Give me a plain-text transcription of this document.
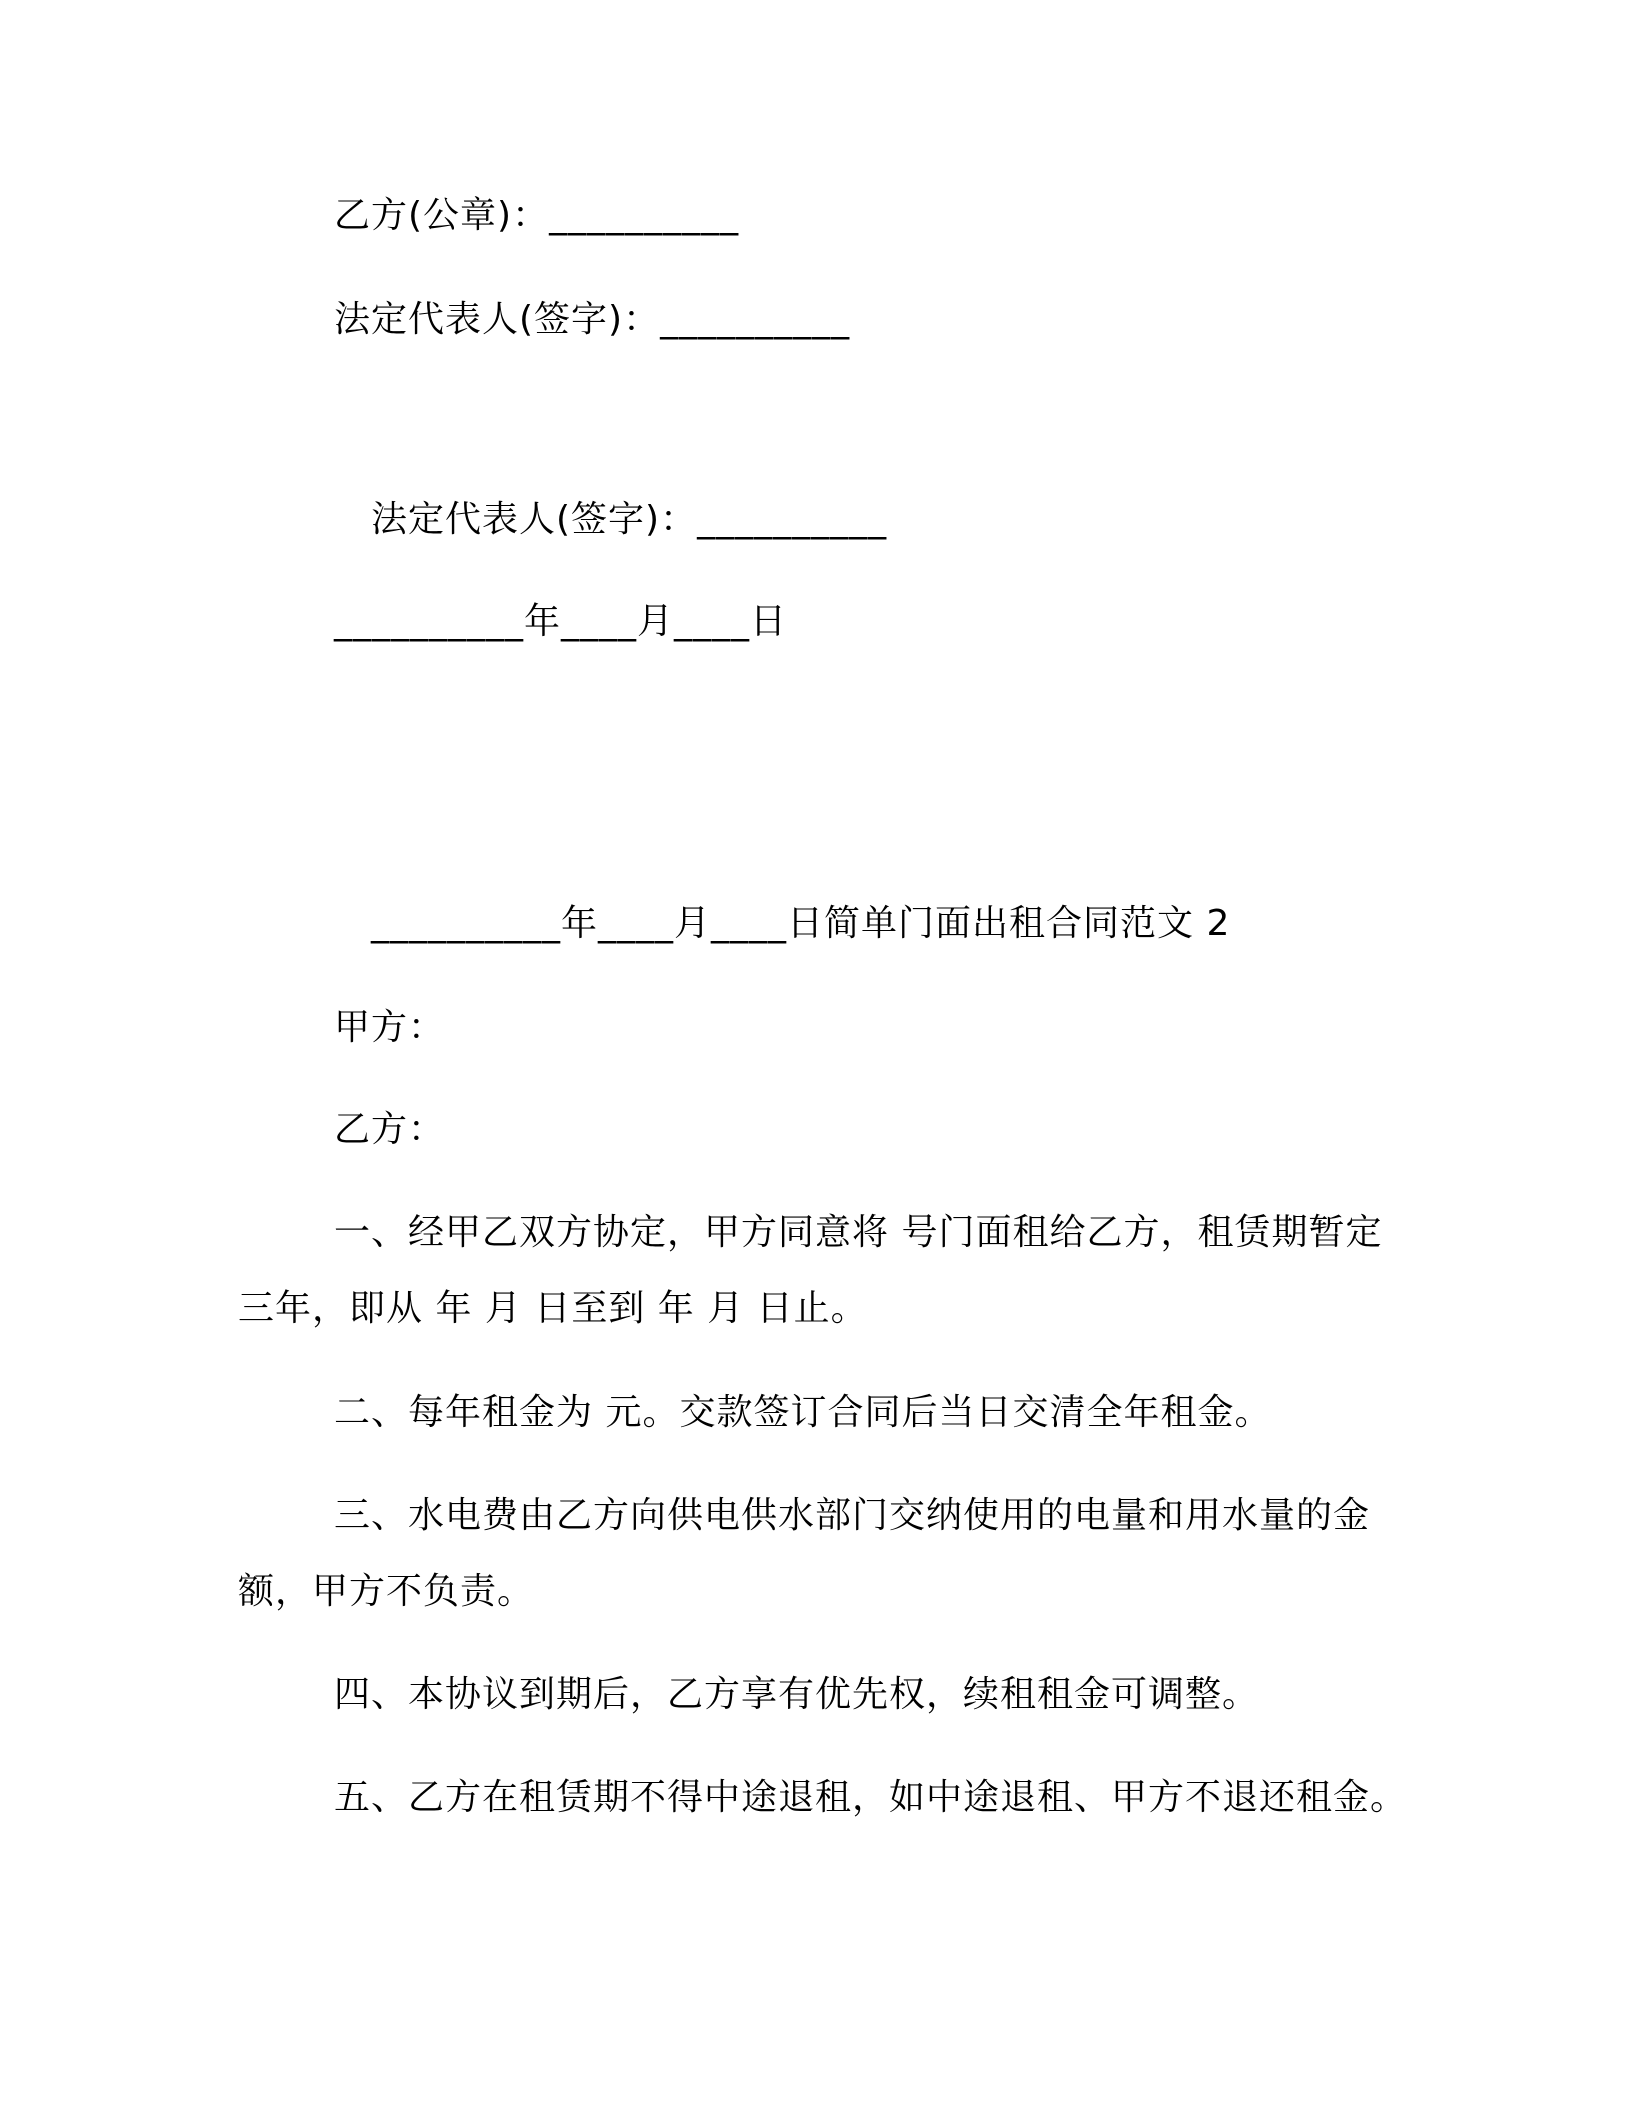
乙方(公章)：__________
法定代表人(签字)：__________
法定代表人(签字)：__________
__________年____月____日
__________年____月____日简单门面出租合同范文 2
甲方：
乙方：
一、经甲乙双方协定，甲方同意将 号门面租给乙方，租赁期暂定
三年，即从 年 月 日至到 年 月 日止。
二、每年租金为 元。交款签订合同后当日交清全年租金。
三、水电费由乙方向供电供水部门交纳使用的电量和用水量的金
额，甲方不负责。
四、本协议到期后，乙方享有优先权，续租租金可调整。
五、乙方在租赁期不得中途退租，如中途退租、甲方不退还租金。
